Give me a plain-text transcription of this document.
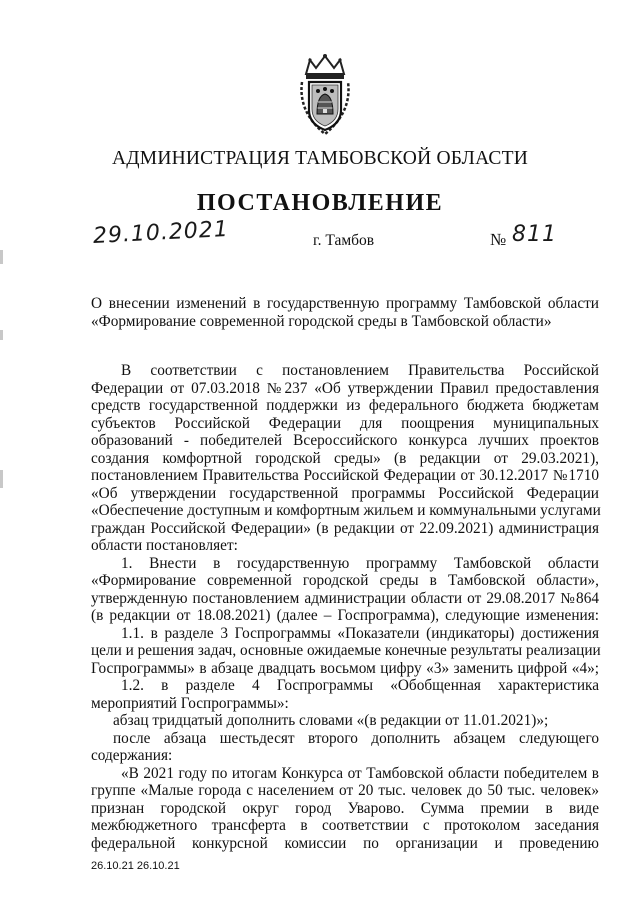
АДМИНИСТРАЦИЯ ТАМБОВСКОЙ ОБЛАСТИ
ПОСТАНОВЛЕНИЕ
29.10.2021	г. Тамбов	№ 811
О внесении изменений в государственную программу Тамбовской области
«Формирование современной городской среды в Тамбовской области»
В соответствии с постановлением Правительства Российской
Федерации от 07.03.2018 №237 «Об утверждении Правил предоставления
средств государственной поддержки из федерального бюджета бюджетам
субъектов Российской Федерации для поощрения муниципальных
образований - победителей Всероссийского конкурса лучших проектов
создания комфортной городской среды» (в редакции от 29.03.2021),
постановлением Правительства Российской Федерации от 30.12.2017 №1710
«Об утверждении государственной программы Российской Федерации
«Обеспечение доступным и комфортным жильем и коммунальными услугами
граждан Российской Федерации» (в редакции от 22.09.2021) администрация
области постановляет:
1. Внести в государственную программу Тамбовской области
«Формирование современной городской среды в Тамбовской области»,
утвержденную постановлением администрации области от 29.08.2017 №864
(в редакции от 18.08.2021) (далее – Госпрограмма), следующие изменения:
1.1. в разделе 3 Госпрограммы «Показатели (индикаторы) достижения
цели и решения задач, основные ожидаемые конечные результаты реализации
Госпрограммы» в абзаце двадцать восьмом цифру «3» заменить цифрой «4»;
1.2. в разделе 4 Госпрограммы «Обобщенная характеристика
мероприятий Госпрограммы»:
абзац тридцатый дополнить словами «(в редакции от 11.01.2021)»;
после абзаца шестьдесят второго дополнить абзацем следующего
содержания:
«В 2021 году по итогам Конкурса от Тамбовской области победителем в
группе «Малые города с населением от 20 тыс. человек до 50 тыс. человек»
признан городской округ город Уварово. Сумма премии в виде
межбюджетного трансферта в соответствии с протоколом заседания
федеральной конкурсной комиссии по организации и проведению
26.10.21 26.10.21
